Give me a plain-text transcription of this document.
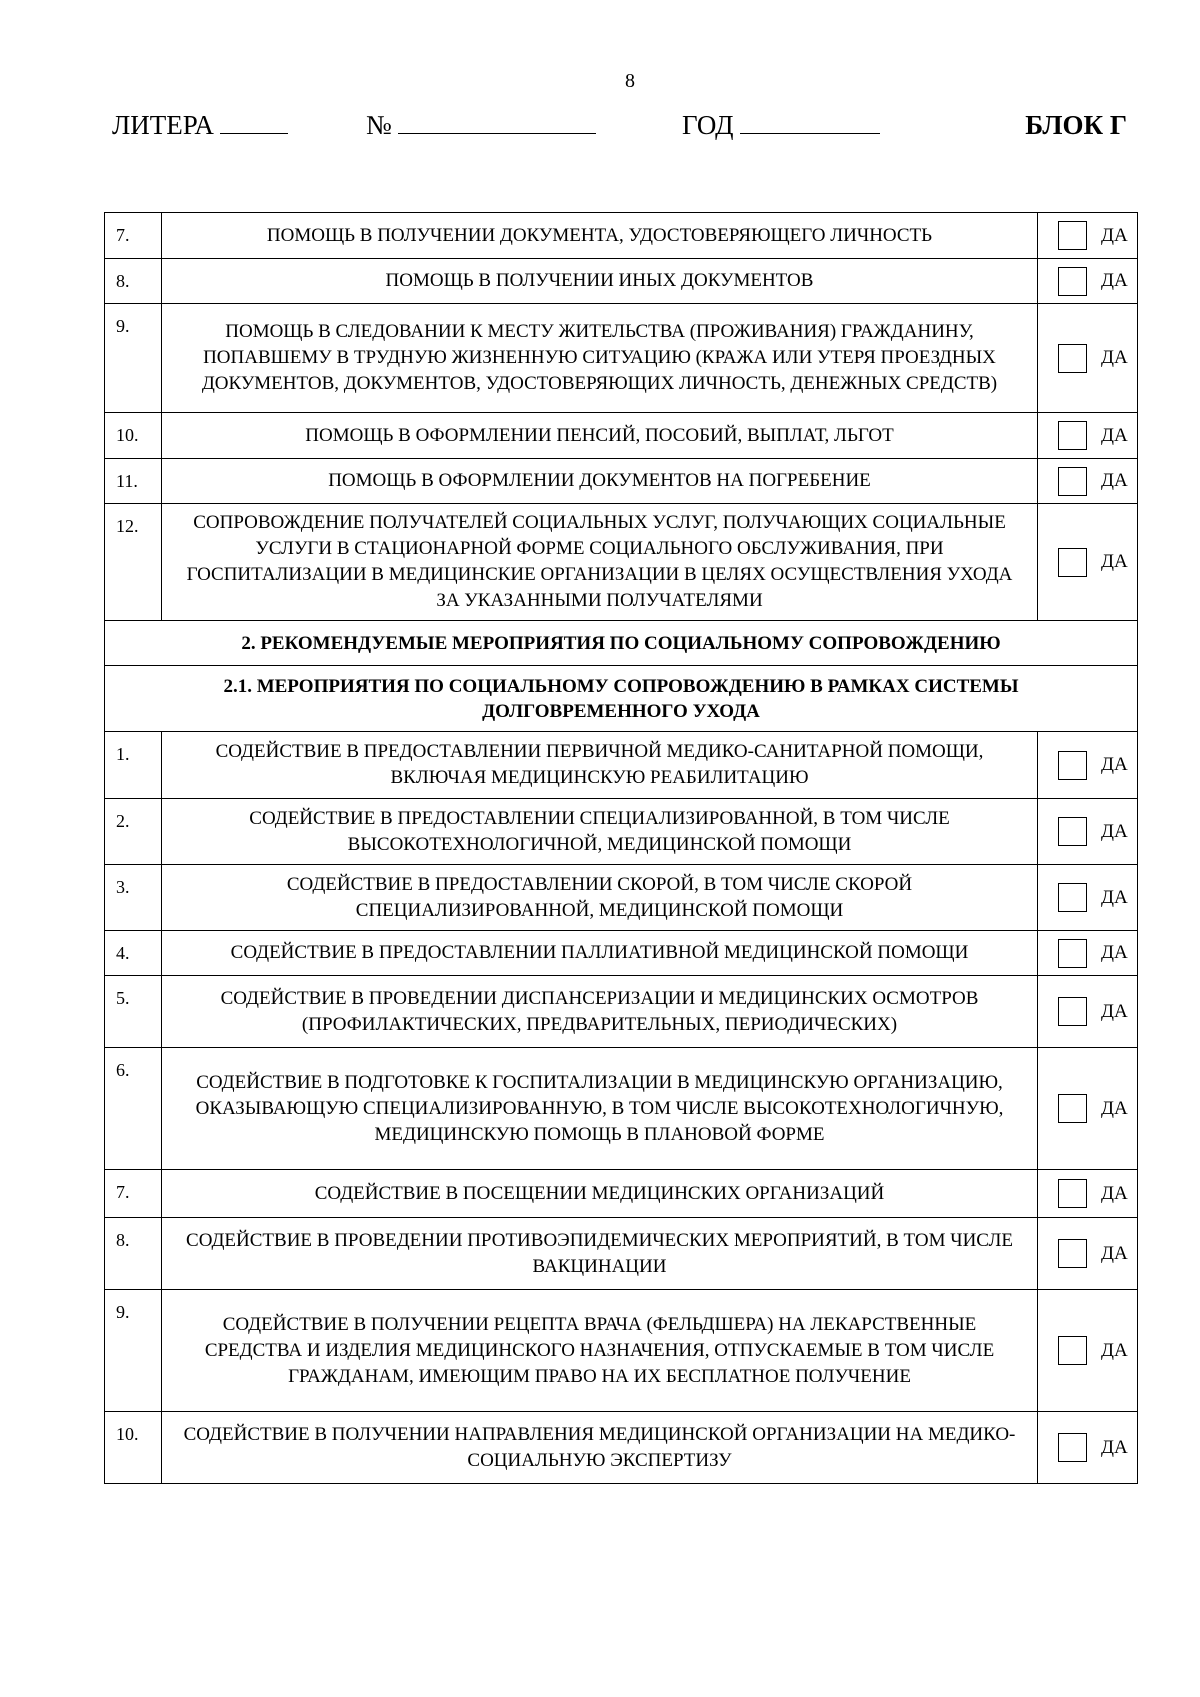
8
ЛИТЕРА	№	ГОД	БЛОК Г
7.	ПОМОЩЬ В ПОЛУЧЕНИИ ДОКУМЕНТА, УДОСТОВЕРЯЮЩЕГО ЛИЧНОСТЬ	ДА

8.	ПОМОЩЬ В ПОЛУЧЕНИИ ИНЫХ ДОКУМЕНТОВ	ДА

9.	ПОМОЩЬ В СЛЕДОВАНИИ К МЕСТУ ЖИТЕЛЬСТВА (ПРОЖИВАНИЯ) ГРАЖДАНИНУ, ПОПАВШЕМУ В ТРУДНУЮ ЖИЗНЕННУЮ СИТУАЦИЮ (КРАЖА ИЛИ УТЕРЯ ПРОЕЗДНЫХ ДОКУМЕНТОВ, ДОКУМЕНТОВ, УДОСТОВЕРЯЮЩИХ ЛИЧНОСТЬ, ДЕНЕЖНЫХ СРЕДСТВ)	ДА

10.	ПОМОЩЬ В ОФОРМЛЕНИИ ПЕНСИЙ, ПОСОБИЙ, ВЫПЛАТ, ЛЬГОТ	ДА

11.	ПОМОЩЬ В ОФОРМЛЕНИИ ДОКУМЕНТОВ НА ПОГРЕБЕНИЕ	ДА

12.	СОПРОВОЖДЕНИЕ ПОЛУЧАТЕЛЕЙ СОЦИАЛЬНЫХ УСЛУГ, ПОЛУЧАЮЩИХ СОЦИАЛЬНЫЕ УСЛУГИ В СТАЦИОНАРНОЙ ФОРМЕ СОЦИАЛЬНОГО ОБСЛУЖИВАНИЯ, ПРИ ГОСПИТАЛИЗАЦИИ В МЕДИЦИНСКИЕ ОРГАНИЗАЦИИ В ЦЕЛЯХ ОСУЩЕСТВЛЕНИЯ УХОДА ЗА УКАЗАННЫМИ ПОЛУЧАТЕЛЯМИ	ДА

2. РЕКОМЕНДУЕМЫЕ МЕРОПРИЯТИЯ ПО СОЦИАЛЬНОМУ СОПРОВОЖДЕНИЮ		
2.1. МЕРОПРИЯТИЯ ПО СОЦИАЛЬНОМУ СОПРОВОЖДЕНИЮ В РАМКАХ СИСТЕМЫ ДОЛГОВРЕМЕННОГО УХОДА		
1.	СОДЕЙСТВИЕ В ПРЕДОСТАВЛЕНИИ ПЕРВИЧНОЙ МЕДИКО-САНИТАРНОЙ ПОМОЩИ, ВКЛЮЧАЯ МЕДИЦИНСКУЮ РЕАБИЛИТАЦИЮ	ДА

2.	СОДЕЙСТВИЕ В ПРЕДОСТАВЛЕНИИ СПЕЦИАЛИЗИРОВАННОЙ, В ТОМ ЧИСЛЕ ВЫСОКОТЕХНОЛОГИЧНОЙ, МЕДИЦИНСКОЙ ПОМОЩИ	ДА

3.	СОДЕЙСТВИЕ В ПРЕДОСТАВЛЕНИИ СКОРОЙ, В ТОМ ЧИСЛЕ СКОРОЙ СПЕЦИАЛИЗИРОВАННОЙ, МЕДИЦИНСКОЙ ПОМОЩИ	ДА

4.	СОДЕЙСТВИЕ В ПРЕДОСТАВЛЕНИИ ПАЛЛИАТИВНОЙ МЕДИЦИНСКОЙ ПОМОЩИ	ДА

5.	СОДЕЙСТВИЕ В ПРОВЕДЕНИИ ДИСПАНСЕРИЗАЦИИ И МЕДИЦИНСКИХ ОСМОТРОВ (ПРОФИЛАКТИЧЕСКИХ, ПРЕДВАРИТЕЛЬНЫХ, ПЕРИОДИЧЕСКИХ)	ДА

6.	СОДЕЙСТВИЕ В ПОДГОТОВКЕ К ГОСПИТАЛИЗАЦИИ В МЕДИЦИНСКУЮ ОРГАНИЗАЦИЮ, ОКАЗЫВАЮЩУЮ СПЕЦИАЛИЗИРОВАННУЮ, В ТОМ ЧИСЛЕ ВЫСОКОТЕХНОЛОГИЧНУЮ, МЕДИЦИНСКУЮ ПОМОЩЬ В ПЛАНОВОЙ ФОРМЕ	ДА

7.	СОДЕЙСТВИЕ В ПОСЕЩЕНИИ МЕДИЦИНСКИХ ОРГАНИЗАЦИЙ	ДА

8.	СОДЕЙСТВИЕ В ПРОВЕДЕНИИ ПРОТИВОЭПИДЕМИЧЕСКИХ МЕРОПРИЯТИЙ, В ТОМ ЧИСЛЕ ВАКЦИНАЦИИ	ДА

9.	СОДЕЙСТВИЕ В ПОЛУЧЕНИИ РЕЦЕПТА ВРАЧА (ФЕЛЬДШЕРА) НА ЛЕКАРСТВЕННЫЕ СРЕДСТВА И ИЗДЕЛИЯ МЕДИЦИНСКОГО НАЗНАЧЕНИЯ, ОТПУСКАЕМЫЕ В ТОМ ЧИСЛЕ ГРАЖДАНАМ, ИМЕЮЩИМ ПРАВО НА ИХ БЕСПЛАТНОЕ ПОЛУЧЕНИЕ	ДА

10.	СОДЕЙСТВИЕ В ПОЛУЧЕНИИ НАПРАВЛЕНИЯ МЕДИЦИНСКОЙ ОРГАНИЗАЦИИ НА МЕДИКО-СОЦИАЛЬНУЮ ЭКСПЕРТИЗУ	ДА
